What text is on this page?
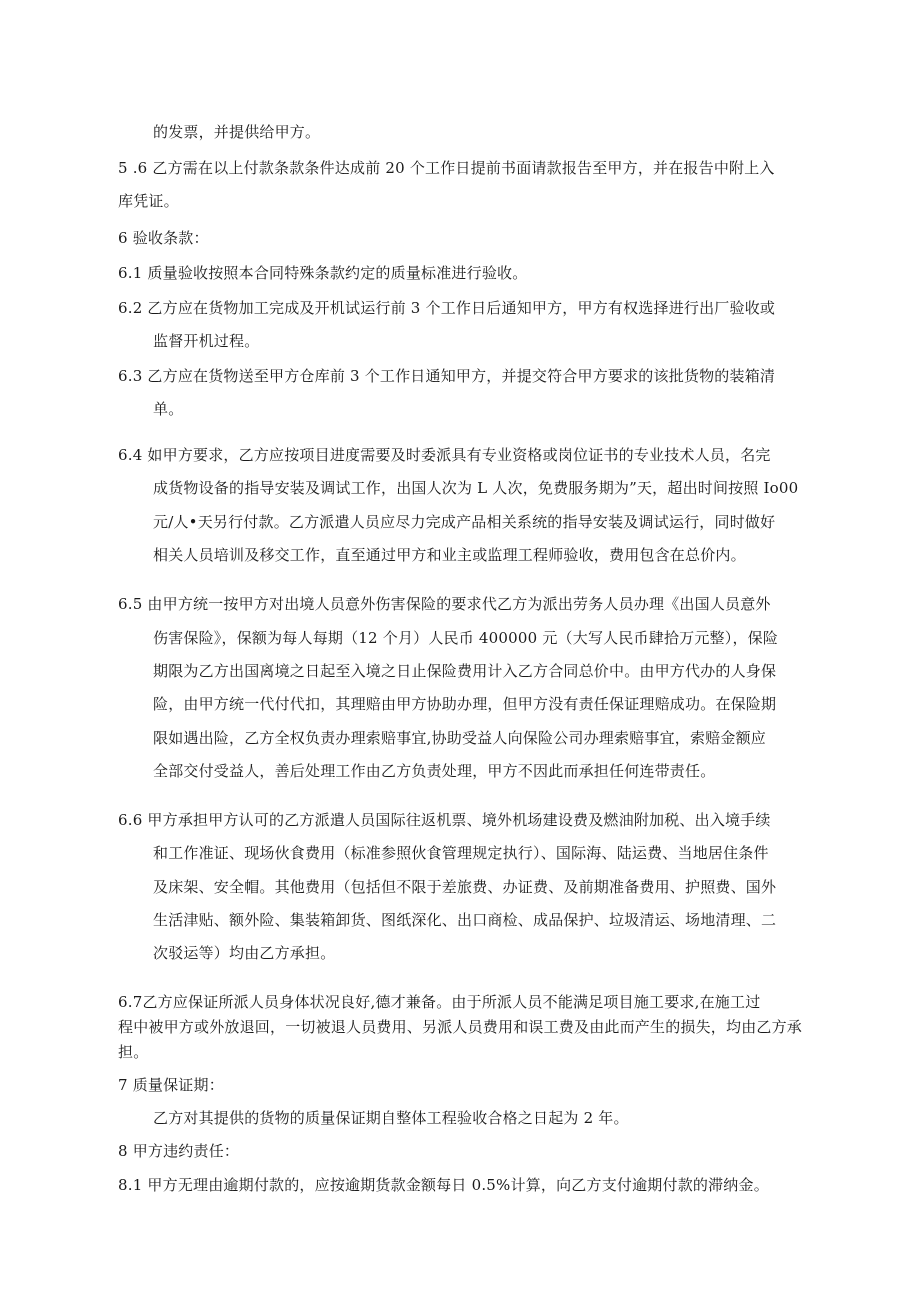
的发票，并提供给甲方。
5 .6 乙方需在以上付款条款条件达成前 20 个工作日提前书面请款报告至甲方，并在报告中附上入
库凭证。
6 验收条款：
6.1 质量验收按照本合同特殊条款约定的质量标准进行验收。
6.2 乙方应在货物加工完成及开机试运行前 3 个工作日后通知甲方，甲方有权选择进行出厂验收或
监督开机过程。
6.3 乙方应在货物送至甲方仓库前 3 个工作日通知甲方，并提交符合甲方要求的该批货物的装箱清
单。
6.4 如甲方要求，乙方应按项目进度需要及时委派具有专业资格或岗位证书的专业技术人员，名完
成货物设备的指导安装及调试工作，出国人次为 L 人次，免费服务期为”天，超出时间按照 Io00
元/人•天另行付款。乙方派遣人员应尽力完成产品相关系统的指导安装及调试运行，同时做好
相关人员培训及移交工作，直至通过甲方和业主或监理工程师验收，费用包含在总价内。
6.5 由甲方统一按甲方对出境人员意外伤害保险的要求代乙方为派出劳务人员办理《出国人员意外
伤害保险》，保额为每人每期（12 个月）人民币 400000 元（大写人民币肆拾万元整），保险
期限为乙方出国离境之日起至入境之日止保险费用计入乙方合同总价中。由甲方代办的人身保
险，由甲方统一代付代扣，其理赔由甲方协助办理，但甲方没有责任保证理赔成功。在保险期
限如遇出险，乙方全权负责办理索赔事宜,协助受益人向保险公司办理索赔事宜，索赔金额应
全部交付受益人，善后处理工作由乙方负责处理，甲方不因此而承担任何连带责任。
6.6 甲方承担甲方认可的乙方派遣人员国际往返机票、境外机场建设费及燃油附加税、出入境手续
和工作准证、现场伙食费用（标准参照伙食管理规定执行）、国际海、陆运费、当地居住条件
及床架、安全帽。其他费用（包括但不限于差旅费、办证费、及前期准备费用、护照费、国外
生活津贴、额外险、集装箱卸货、图纸深化、出口商检、成品保护、垃圾清运、场地清理、二
次驳运等）均由乙方承担。
6.7乙方应保证所派人员身体状况良好,德才兼备。由于所派人员不能满足项目施工要求,在施工过
程中被甲方或外放退回，一切被退人员费用、另派人员费用和误工费及由此而产生的损失，均由乙方承
担。
7 质量保证期：
乙方对其提供的货物的质量保证期自整体工程验收合格之日起为 2 年。
8 甲方违约责任：
8.1 甲方无理由逾期付款的，应按逾期货款金额每日 0.5%计算，向乙方支付逾期付款的滞纳金。
